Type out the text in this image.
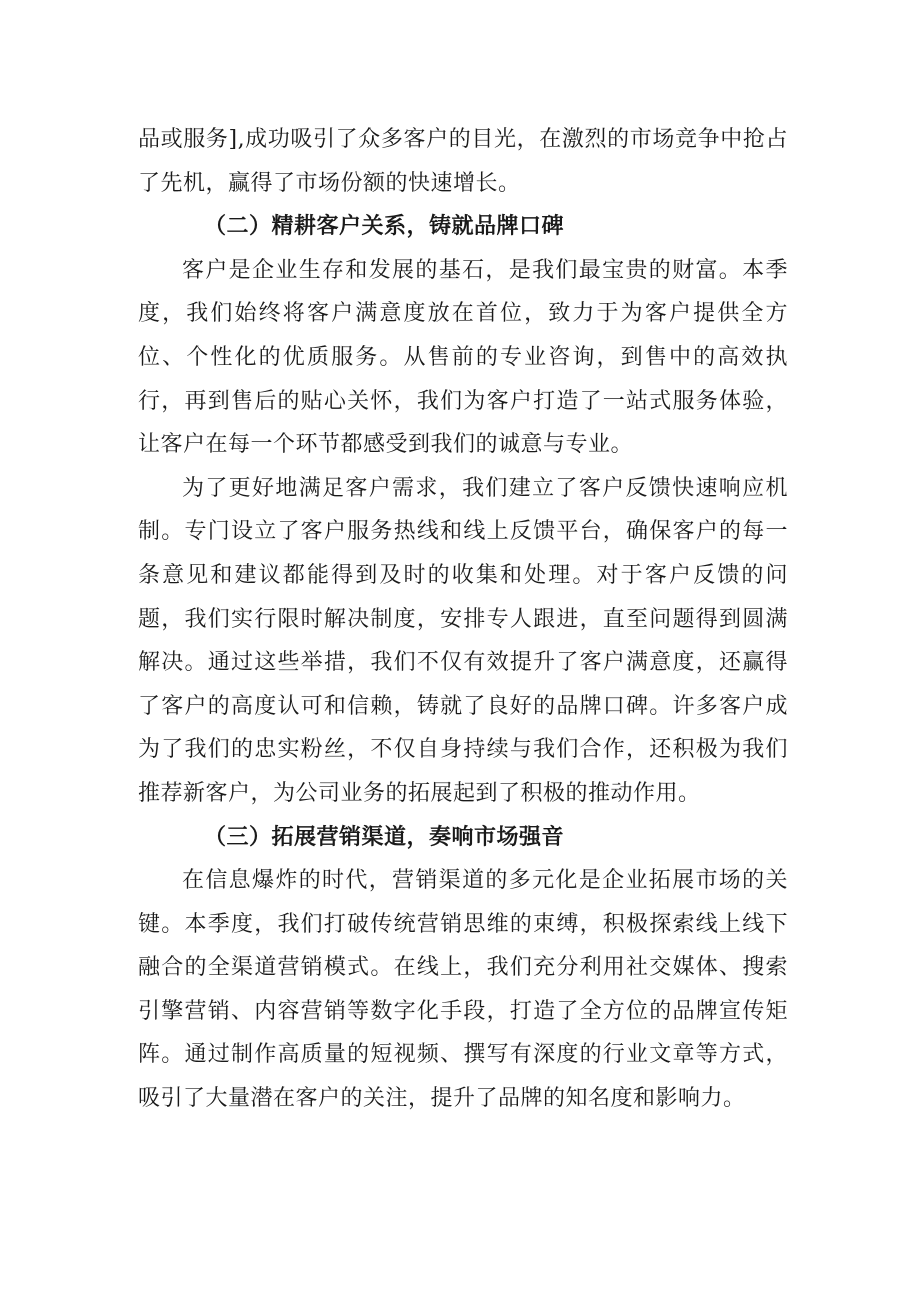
品或服务],成功吸引了众多客户的目光，在激烈的市场竞争中抢占了先机，赢得了市场份额的快速增长。

（二）精耕客户关系，铸就品牌口碑

客户是企业生存和发展的基石，是我们最宝贵的财富。本季度，我们始终将客户满意度放在首位，致力于为客户提供全方位、个性化的优质服务。从售前的专业咨询，到售中的高效执行，再到售后的贴心关怀，我们为客户打造了一站式服务体验，让客户在每一个环节都感受到我们的诚意与专业。

为了更好地满足客户需求，我们建立了客户反馈快速响应机制。专门设立了客户服务热线和线上反馈平台，确保客户的每一条意见和建议都能得到及时的收集和处理。对于客户反馈的问题，我们实行限时解决制度，安排专人跟进，直至问题得到圆满解决。通过这些举措，我们不仅有效提升了客户满意度，还赢得了客户的高度认可和信赖，铸就了良好的品牌口碑。许多客户成为了我们的忠实粉丝，不仅自身持续与我们合作，还积极为我们推荐新客户，为公司业务的拓展起到了积极的推动作用。

（三）拓展营销渠道，奏响市场强音

在信息爆炸的时代，营销渠道的多元化是企业拓展市场的关键。本季度，我们打破传统营销思维的束缚，积极探索线上线下融合的全渠道营销模式。在线上，我们充分利用社交媒体、搜索引擎营销、内容营销等数字化手段，打造了全方位的品牌宣传矩阵。通过制作高质量的短视频、撰写有深度的行业文章等方式，吸引了大量潜在客户的关注，提升了品牌的知名度和影响力。
